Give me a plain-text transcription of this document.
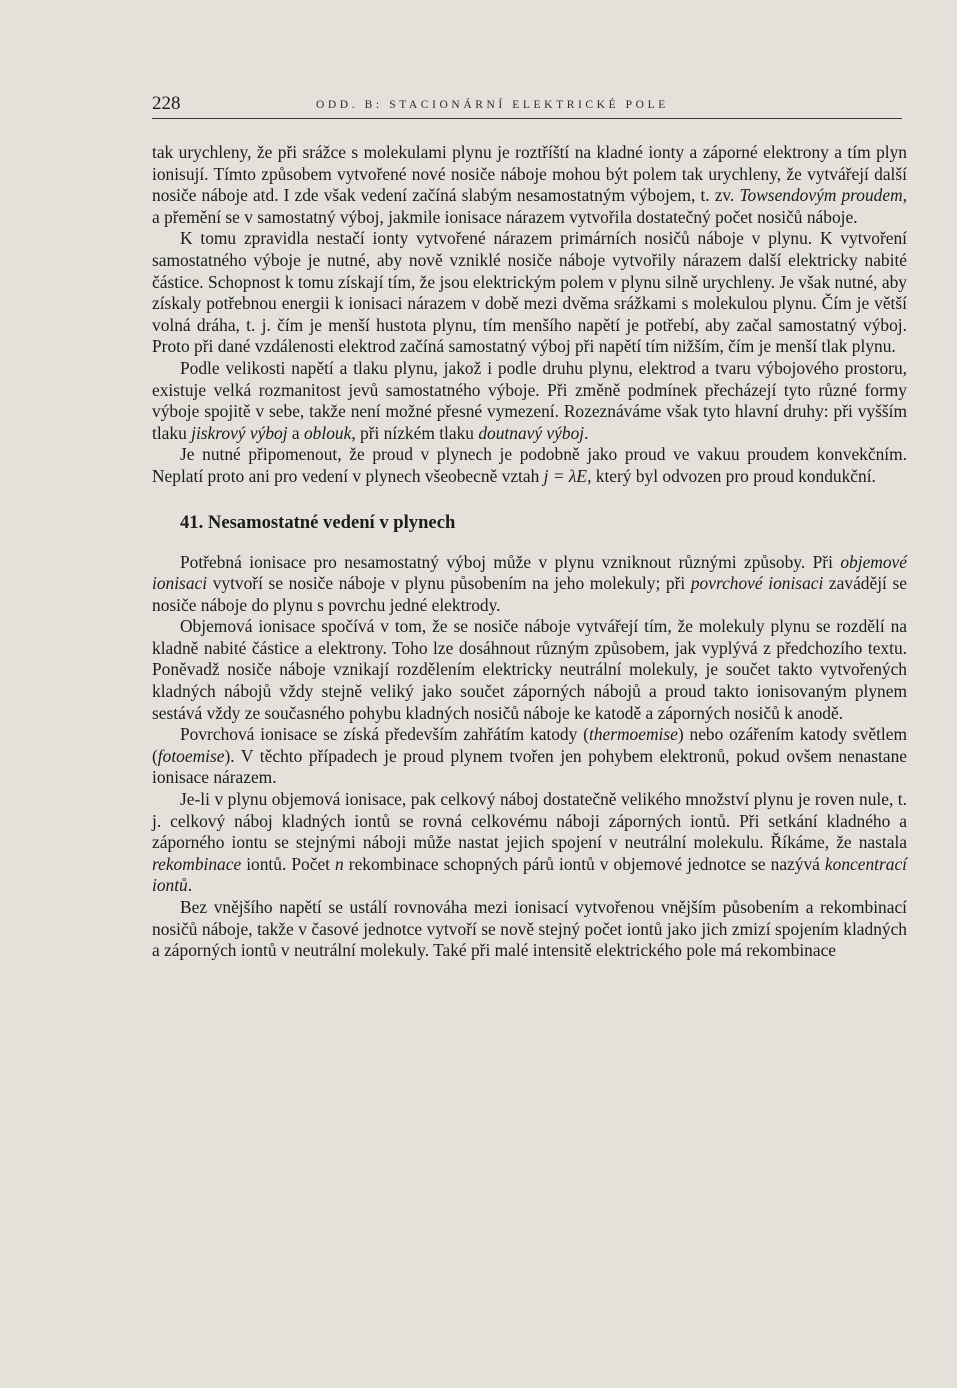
228	ODD. B: STACIONÁRNÍ ELEKTRICKÉ POLE

tak urychleny, že při srážce s molekulami plynu je roztříští na kladné ionty a záporné elektrony a tím plyn ionisují. Tímto způsobem vytvořené nové nosiče náboje mohou být polem tak urychleny, že vytvářejí další nosiče náboje atd. I zde však vedení začíná slabým nesamostatným výbojem, t. zv. Towsendovým proudem, a přemění se v samostatný výboj, jakmile ionisace nárazem vytvořila dostatečný počet nosičů náboje.

K tomu zpravidla nestačí ionty vytvořené nárazem primárních nosičů náboje v plynu. K vytvoření samostatného výboje je nutné, aby nově vzniklé nosiče náboje vytvořily nárazem další elektricky nabité částice. Schopnost k tomu získají tím, že jsou elektrickým polem v plynu silně urychleny. Je však nutné, aby získaly potřebnou energii k ionisaci nárazem v době mezi dvěma srážkami s molekulou plynu. Čím je větší volná dráha, t. j. čím je menší hustota plynu, tím menšího napětí je potřebí, aby začal samostatný výboj. Proto při dané vzdálenosti elektrod začíná samostatný výboj při napětí tím nižším, čím je menší tlak plynu.

Podle velikosti napětí a tlaku plynu, jakož i podle druhu plynu, elektrod a tvaru výbojového prostoru, existuje velká rozmanitost jevů samostatného výboje. Při změně podmínek přecházejí tyto různé formy výboje spojitě v sebe, takže není možné přesné vymezení. Rozeznáváme však tyto hlavní druhy: při vyšším tlaku jiskrový výboj a oblouk, při nízkém tlaku doutnavý výboj.

Je nutné připomenout, že proud v plynech je podobně jako proud ve vakuu proudem konvekčním. Neplatí proto ani pro vedení v plynech všeobecně vztah j = λE, který byl odvozen pro proud kondukční.

41. Nesamostatné vedení v plynech

Potřebná ionisace pro nesamostatný výboj může v plynu vzniknout různými způsoby. Při objemové ionisaci vytvoří se nosiče náboje v plynu působením na jeho molekuly; při povrchové ionisaci zavádějí se nosiče náboje do plynu s povrchu jedné elektrody.

Objemová ionisace spočívá v tom, že se nosiče náboje vytvářejí tím, že molekuly plynu se rozdělí na kladně nabité částice a elektrony. Toho lze dosáhnout různým způsobem, jak vyplývá z předchozího textu. Poněvadž nosiče náboje vznikají rozdělením elektricky neutrální molekuly, je součet takto vytvořených kladných nábojů vždy stejně veliký jako součet záporných nábojů a proud takto ionisovaným plynem sestává vždy ze současného pohybu kladných nosičů náboje ke katodě a záporných nosičů k anodě.

Povrchová ionisace se získá především zahřátím katody (thermoemise) nebo ozářením katody světlem (fotoemise). V těchto případech je proud plynem tvořen jen pohybem elektronů, pokud ovšem nenastane ionisace nárazem.

Je-li v plynu objemová ionisace, pak celkový náboj dostatečně velikého množství plynu je roven nule, t. j. celkový náboj kladných iontů se rovná celkovému náboji záporných iontů. Při setkání kladného a záporného iontu se stejnými náboji může nastat jejich spojení v neutrální molekulu. Říkáme, že nastala rekombinace iontů. Počet n rekombinace schopných párů iontů v objemové jednotce se nazývá koncentrací iontů.

Bez vnějšího napětí se ustálí rovnováha mezi ionisací vytvořenou vnějším působením a rekombinací nosičů náboje, takže v časové jednotce vytvoří se nově stejný počet iontů jako jich zmizí spojením kladných a záporných iontů v neutrální molekuly. Také při malé intensitě elektrického pole má rekombinace
